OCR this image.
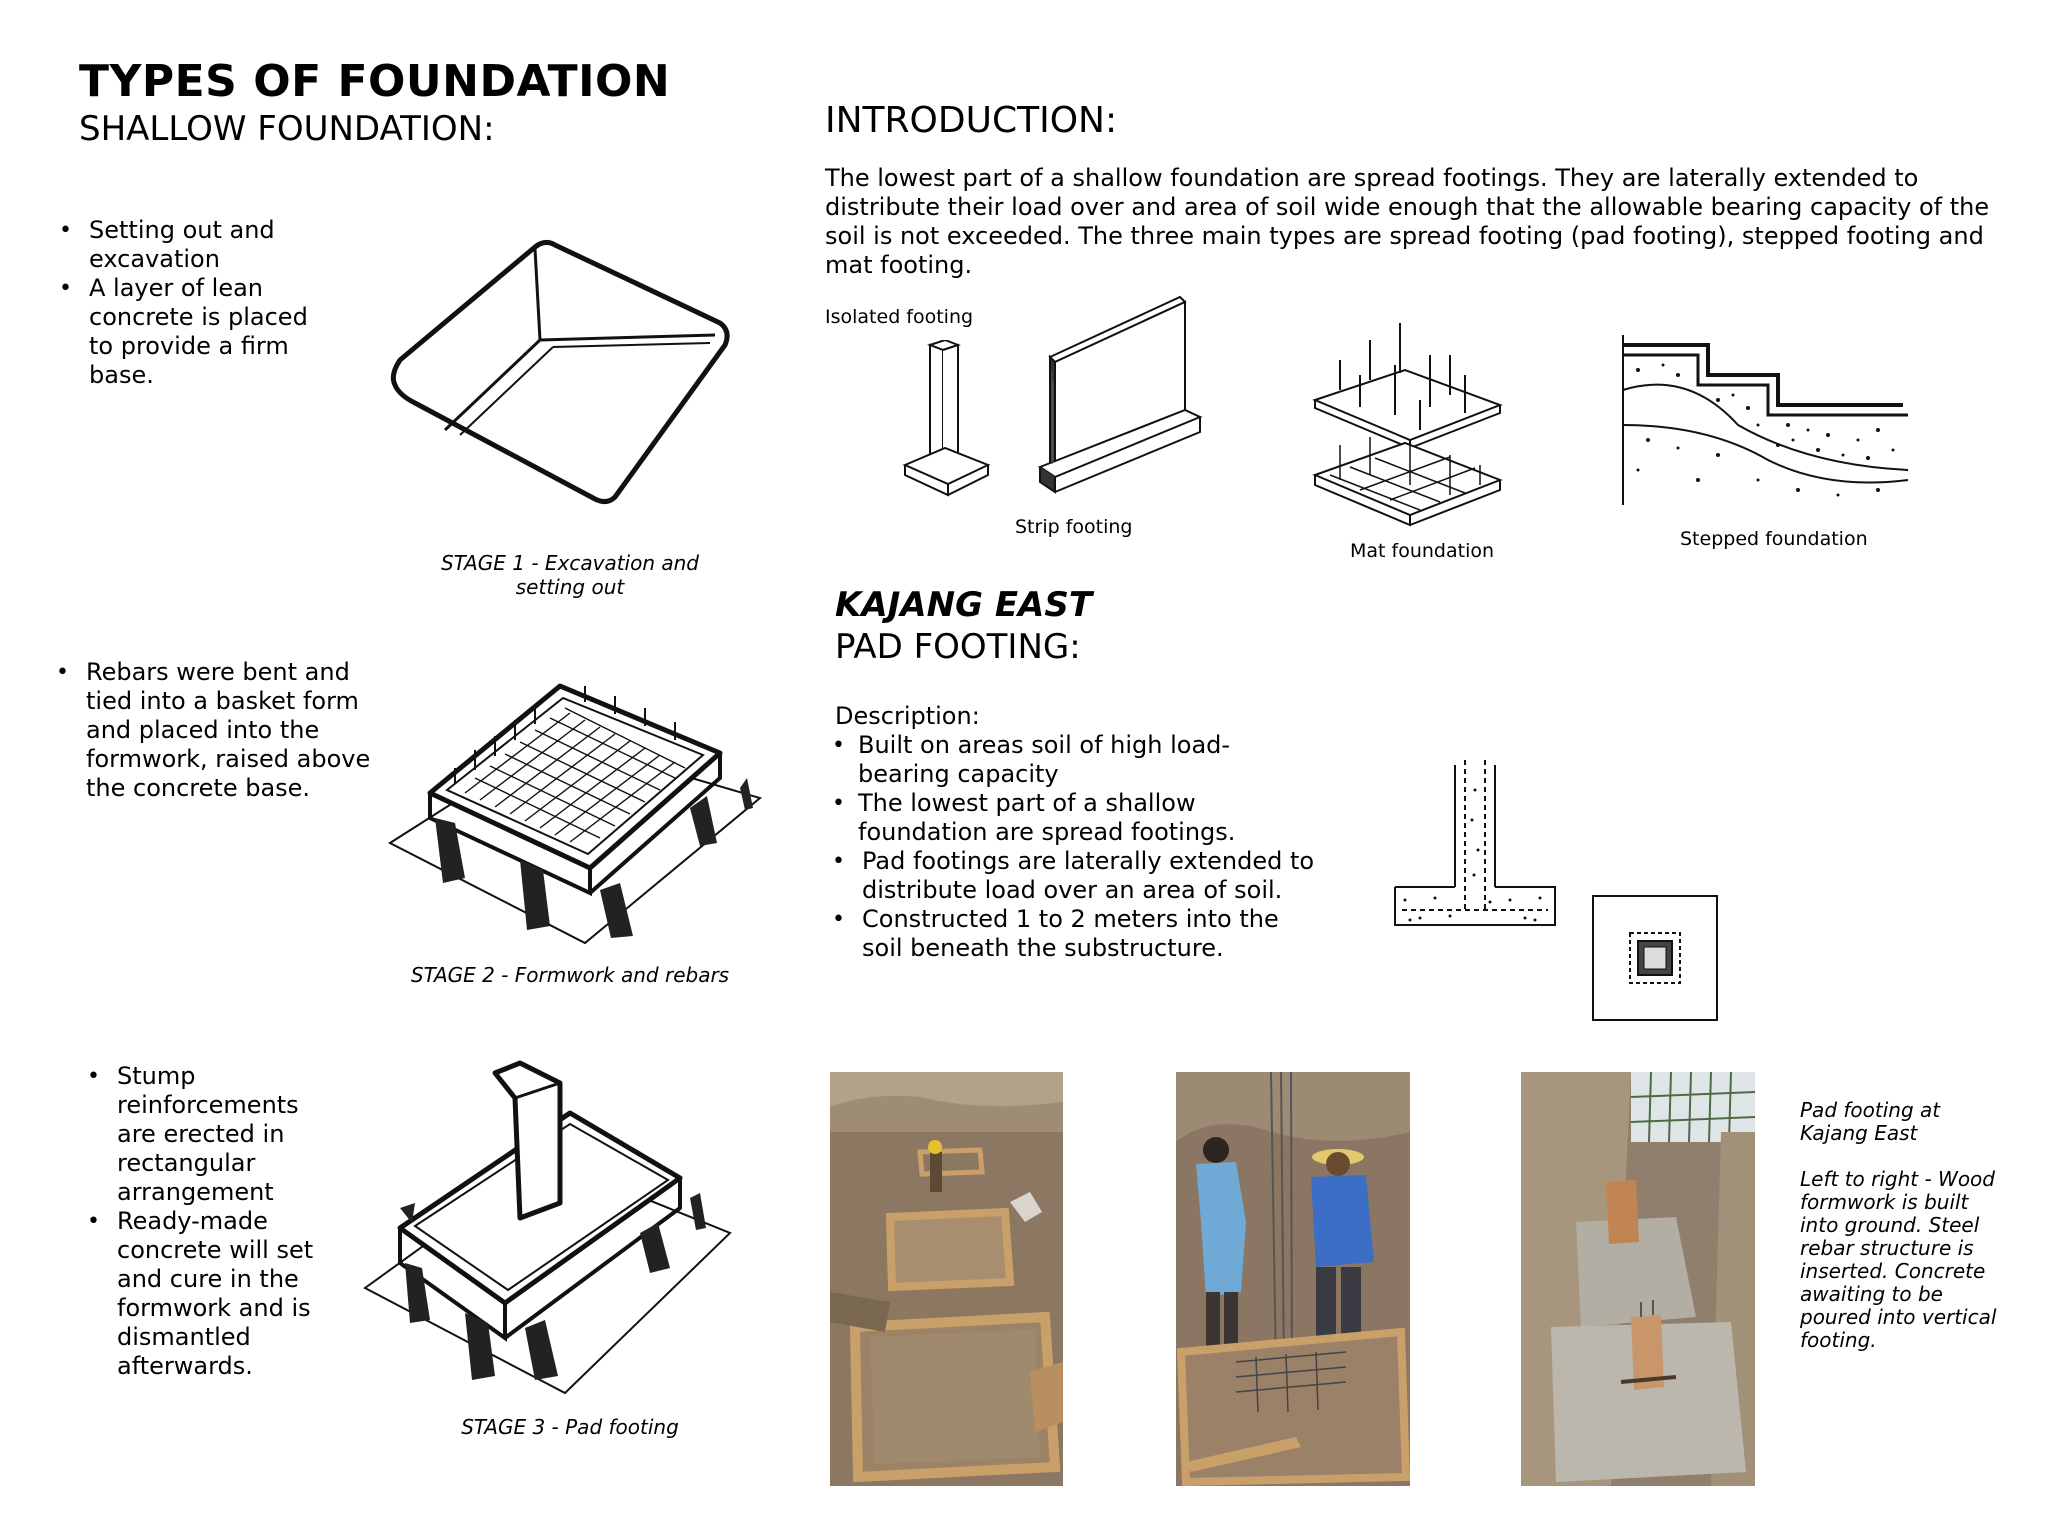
TYPES OF FOUNDATION
SHALLOW FOUNDATION:
• Setting out and excavation
• A layer of lean concrete is placed to provide a firm base.
STAGE 1 - Excavation and
setting out
• Rebars were bent and tied into a basket form and placed into the formwork, raised above the concrete base.
STAGE 2 - Formwork and rebars
• Stump reinforcements are erected in rectangular arrangement
• Ready-made concrete will set and cure in the formwork and is dismantled afterwards.
STAGE 3 - Pad footing
INTRODUCTION:
The lowest part of a shallow foundation are spread footings. They are laterally extended to distribute their load over and area of soil wide enough that the allowable bearing capacity of the soil is not exceeded. The three main types are spread footing (pad footing), stepped footing and mat footing.
Isolated footing
Strip footing
Mat foundation
Stepped foundation
KAJANG EAST
PAD FOOTING:
Description:
• Built on areas soil of high load-bearing capacity
• The lowest part of a shallow foundation are spread footings.
• Pad footings are laterally extended to distribute load over an area of soil.
• Constructed 1 to 2 meters into the soil beneath the substructure.
Pad footing at
Kajang East
Left to right - Wood formwork is built into ground. Steel rebar structure is inserted. Concrete awaiting to be poured into vertical footing.
